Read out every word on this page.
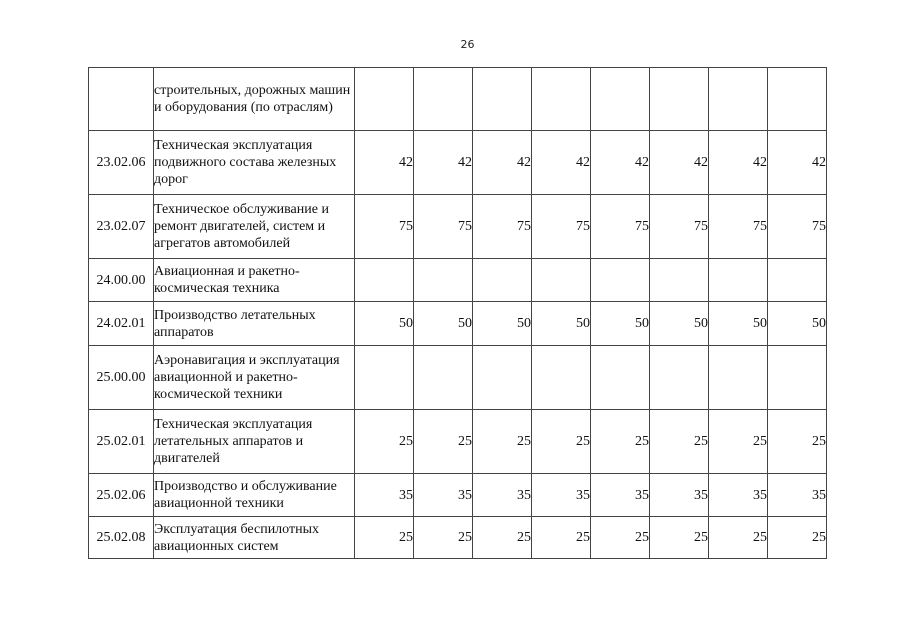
26
	строительных, дорожных машин и оборудования (по отраслям)								
23.02.06	Техническая эксплуатация подвижного состава железных дорог	42	42	42	42	42	42	42	42
23.02.07	Техническое обслуживание и ремонт двигателей, систем и агрегатов автомобилей	75	75	75	75	75	75	75	75
24.00.00	Авиационная и ракетно-космическая техника								
24.02.01	Производство летательных аппаратов	50	50	50	50	50	50	50	50
25.00.00	Аэронавигация и эксплуатация авиационной и ракетно-космической техники								
25.02.01	Техническая эксплуатация летательных аппаратов и двигателей	25	25	25	25	25	25	25	25
25.02.06	Производство и обслуживание авиационной техники	35	35	35	35	35	35	35	35
25.02.08	Эксплуатация беспилотных авиационных систем	25	25	25	25	25	25	25	25
